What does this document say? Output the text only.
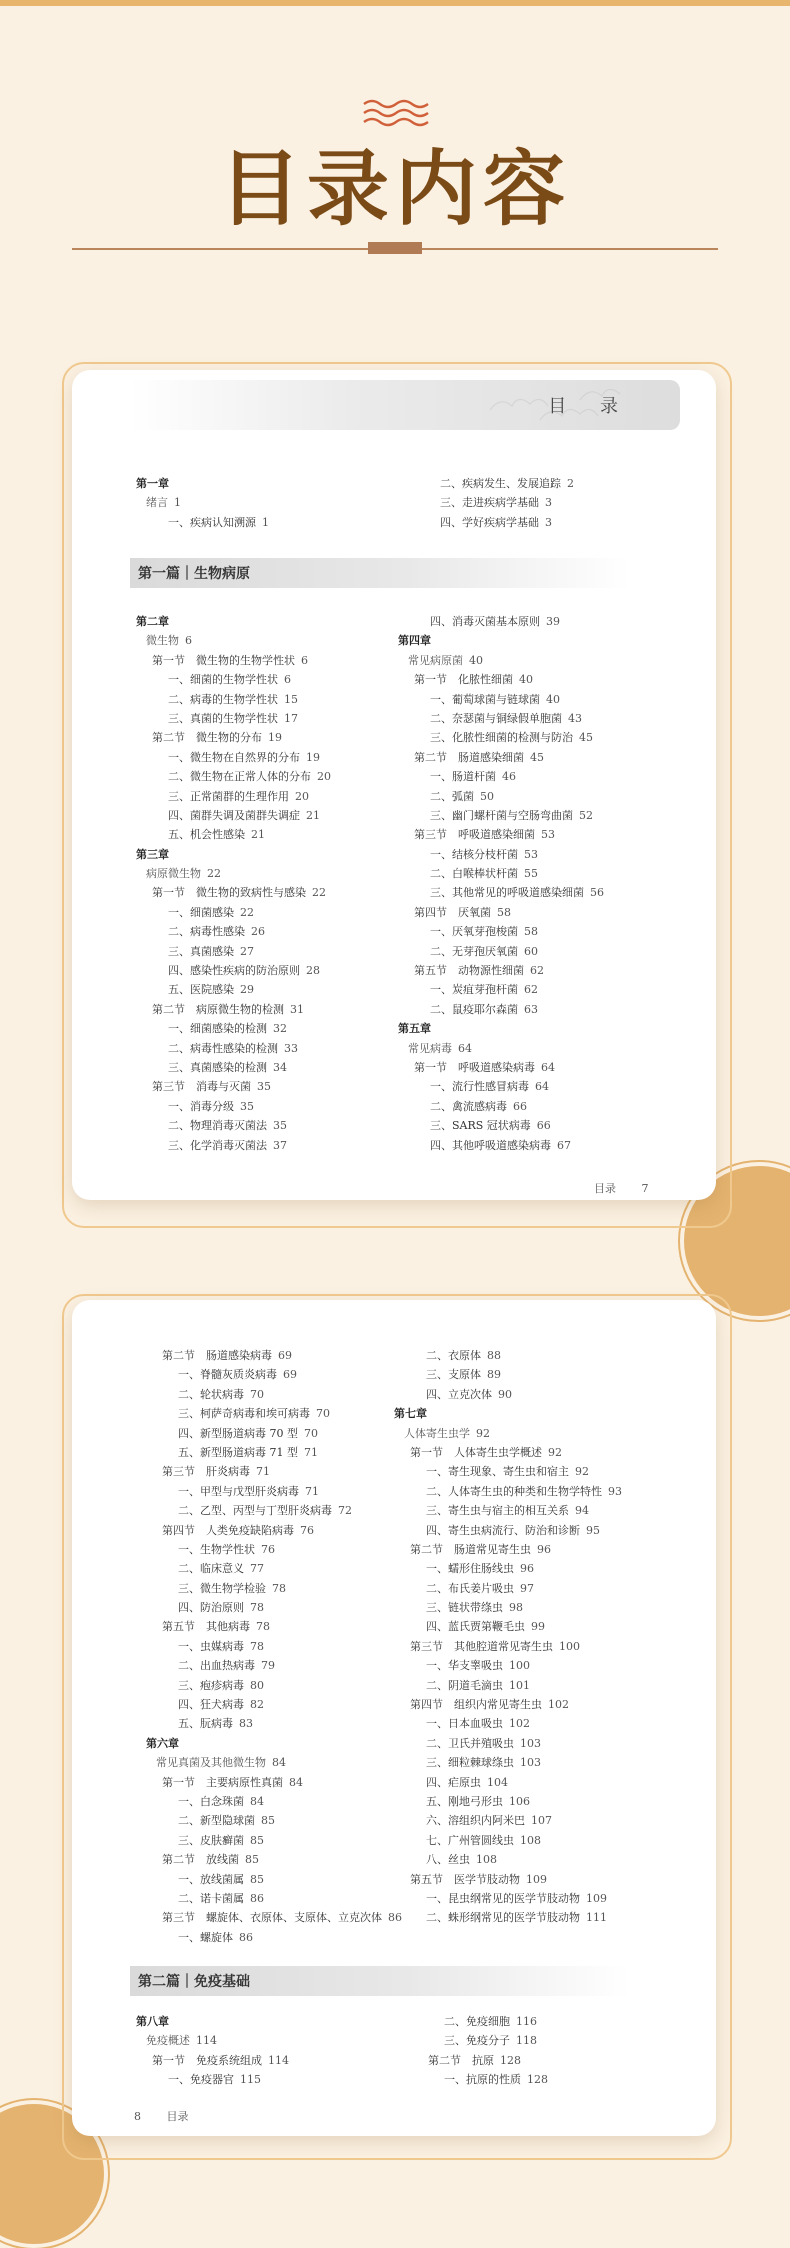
目录内容
目 录
第一章
绪言 1
一、疾病认知溯源 1
二、疾病发生、发展追踪 2
三、走进疾病学基础 3
四、学好疾病学基础 3
第一篇｜生物病原
第二章
微生物 6
第一节　微生物的生物学性状 6
一、细菌的生物学性状 6
二、病毒的生物学性状 15
三、真菌的生物学性状 17
第二节　微生物的分布 19
一、微生物在自然界的分布 19
二、微生物在正常人体的分布 20
三、正常菌群的生理作用 20
四、菌群失调及菌群失调症 21
五、机会性感染 21
第三章
病原微生物 22
第一节　微生物的致病性与感染 22
一、细菌感染 22
二、病毒性感染 26
三、真菌感染 27
四、感染性疾病的防治原则 28
五、医院感染 29
第二节　病原微生物的检测 31
一、细菌感染的检测 32
二、病毒性感染的检测 33
三、真菌感染的检测 34
第三节　消毒与灭菌 35
一、消毒分级 35
二、物理消毒灭菌法 35
三、化学消毒灭菌法 37
四、消毒灭菌基本原则 39
第四章
常见病原菌 40
第一节　化脓性细菌 40
一、葡萄球菌与链球菌 40
二、奈瑟菌与铜绿假单胞菌 43
三、化脓性细菌的检测与防治 45
第二节　肠道感染细菌 45
一、肠道杆菌 46
二、弧菌 50
三、幽门螺杆菌与空肠弯曲菌 52
第三节　呼吸道感染细菌 53
一、结核分枝杆菌 53
二、白喉棒状杆菌 55
三、其他常见的呼吸道感染细菌 56
第四节　厌氧菌 58
一、厌氧芽孢梭菌 58
二、无芽孢厌氧菌 60
第五节　动物源性细菌 62
一、炭疽芽孢杆菌 62
二、鼠疫耶尔森菌 63
第五章
常见病毒 64
第一节　呼吸道感染病毒 64
一、流行性感冒病毒 64
二、禽流感病毒 66
三、SARS 冠状病毒 66
四、其他呼吸道感染病毒 67
目录 7
第二节　肠道感染病毒 69
一、脊髓灰质炎病毒 69
二、轮状病毒 70
三、柯萨奇病毒和埃可病毒 70
四、新型肠道病毒 70 型 70
五、新型肠道病毒 71 型 71
第三节　肝炎病毒 71
一、甲型与戊型肝炎病毒 71
二、乙型、丙型与丁型肝炎病毒 72
第四节　人类免疫缺陷病毒 76
一、生物学性状 76
二、临床意义 77
三、微生物学检验 78
四、防治原则 78
第五节　其他病毒 78
一、虫媒病毒 78
二、出血热病毒 79
三、疱疹病毒 80
四、狂犬病毒 82
五、朊病毒 83
第六章
常见真菌及其他微生物 84
第一节　主要病原性真菌 84
一、白念珠菌 84
二、新型隐球菌 85
三、皮肤癣菌 85
第二节　放线菌 85
一、放线菌属 85
二、诺卡菌属 86
第三节　螺旋体、衣原体、支原体、立克次体 86
一、螺旋体 86
二、衣原体 88
三、支原体 89
四、立克次体 90
第七章
人体寄生虫学 92
第一节　人体寄生虫学概述 92
一、寄生现象、寄生虫和宿主 92
二、人体寄生虫的种类和生物学特性 93
三、寄生虫与宿主的相互关系 94
四、寄生虫病流行、防治和诊断 95
第二节　肠道常见寄生虫 96
一、蠕形住肠线虫 96
二、布氏姜片吸虫 97
三、链状带绦虫 98
四、蓝氏贾第鞭毛虫 99
第三节　其他腔道常见寄生虫 100
一、华支睾吸虫 100
二、阴道毛滴虫 101
第四节　组织内常见寄生虫 102
一、日本血吸虫 102
二、卫氏并殖吸虫 103
三、细粒棘球绦虫 103
四、疟原虫 104
五、刚地弓形虫 106
六、溶组织内阿米巴 107
七、广州管圆线虫 108
八、丝虫 108
第五节　医学节肢动物 109
一、昆虫纲常见的医学节肢动物 109
二、蛛形纲常见的医学节肢动物 111
第二篇｜免疫基础
第八章
免疫概述 114
第一节　免疫系统组成 114
一、免疫器官 115
二、免疫细胞 116
三、免疫分子 118
第二节　抗原 128
一、抗原的性质 128
8 目录
